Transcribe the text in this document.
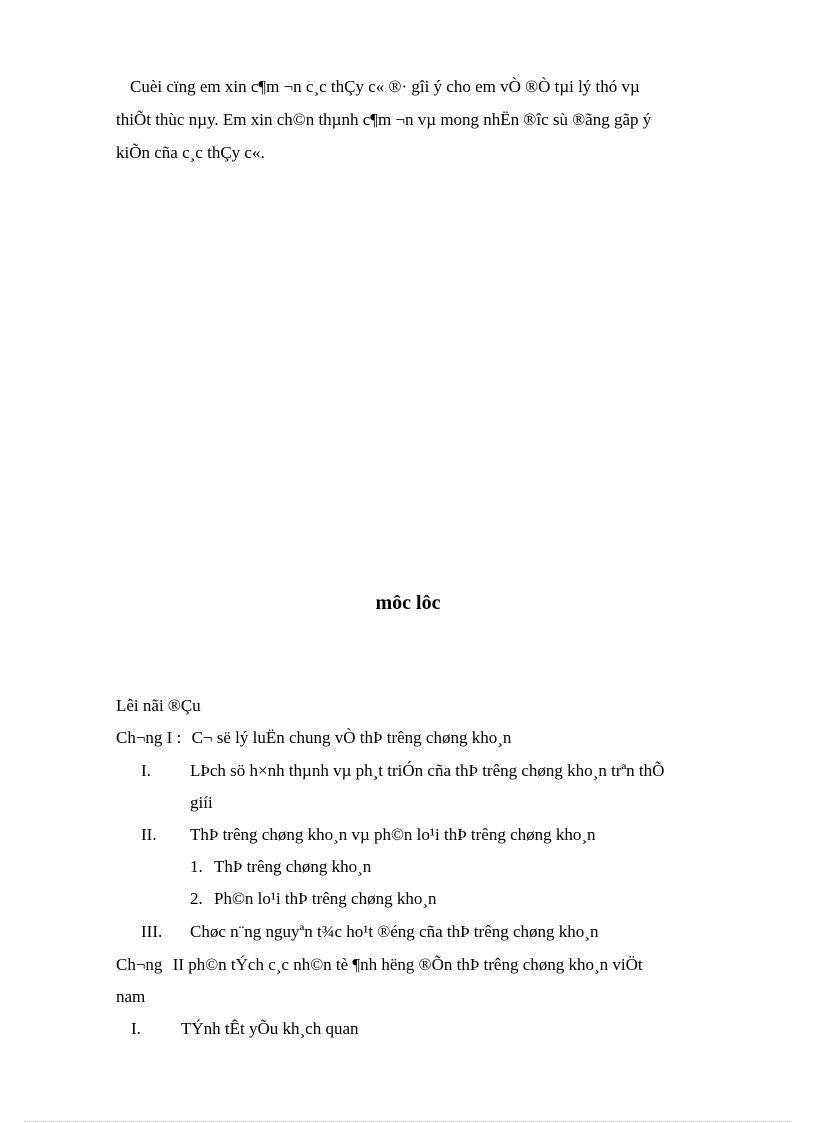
Cuèi cïng em xin c¶m ¬n c¸c thÇy c« ®· gîi ý cho em vÒ ®Ò tµi lý thó vµ
thiÕt thùc nµy. Em xin ch©n thµnh c¶m ¬n vµ mong nhËn ®îc sù ®ãng gãp ý
kiÕn cña c¸c thÇy c«.
môc lôc
Lêi nãi ®Çu
Ch¬ng I : C¬ së lý luËn chung vÒ thÞ trêng chøng kho¸n
I. LÞch sö h×nh thµnh vµ ph¸t triÓn cña thÞ trêng chøng kho¸n trªn thÕ
giíi
II. ThÞ trêng chøng kho¸n vµ ph©n lo¹i thÞ trêng chøng kho¸n
1. ThÞ trêng chøng kho¸n
2. Ph©n lo¹i thÞ trêng chøng kho¸n
III. Chøc n¨ng nguyªn t¾c ho¹t ®éng cña thÞ trêng chøng kho¸n
Ch¬ng II ph©n tÝch c¸c nh©n tè ¶nh hëng ®Õn thÞ trêng chøng kho¸n viÖt
nam
I. TÝnh tÊt yÕu kh¸ch quan
